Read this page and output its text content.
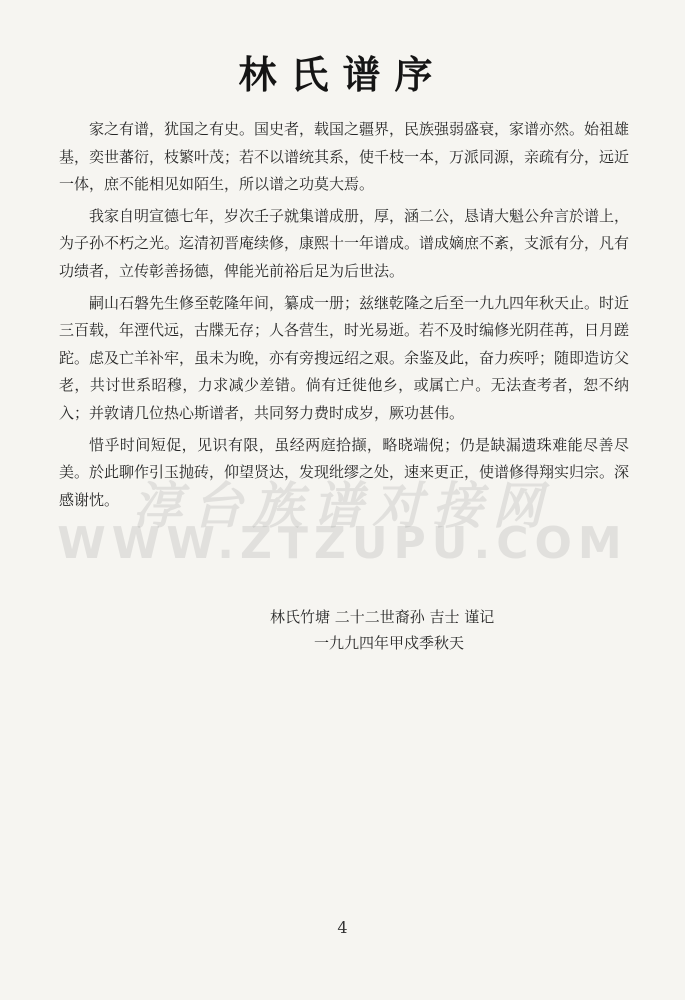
林氏谱序

家之有谱，犹国之有史。国史者，载国之疆界，民族强弱盛衰，家谱亦然。始祖雄基，奕世蕃衍，枝繁叶茂；若不以谱统其系，使千枝一本，万派同源，亲疏有分，远近一体，庶不能相见如陌生，所以谱之功莫大焉。

我家自明宣德七年，岁次壬子就集谱成册，厚，涵二公，恳请大魁公弁言於谱上，为子孙不朽之光。迄清初晋庵续修，康熙十一年谱成。谱成嫡庶不紊，支派有分，凡有功绩者，立传彰善扬德，俾能光前裕后足为后世法。

嗣山石磐先生修至乾隆年间，纂成一册；兹继乾隆之后至一九九四年秋天止。时近三百载，年湮代远，古牒无存；人各营生，时光易逝。若不及时编修光阴荏苒，日月蹉跎。虑及亡羊补牢，虽未为晚，亦有旁搜远绍之艰。余鉴及此，奋力疾呼；随即造访父老，共讨世系昭穆，力求减少差错。倘有迁徙他乡，或属亡户。无法查考者，恕不纳入；并敦请几位热心斯谱者，共同努力费时成岁，厥功甚伟。

惜乎时间短促，见识有限，虽经两庭拾撷，略晓端倪；仍是缺漏遗珠难能尽善尽美。於此聊作引玉抛砖，仰望贤达，发现纰缪之处，速来更正，使谱修得翔实归宗。深感谢忱。 淳台族谱对接网
WWW.ZTZUPU.COM
林氏竹塘 二十二世裔孙 吉士 谨记
一九九四年甲戍季秋天
4
